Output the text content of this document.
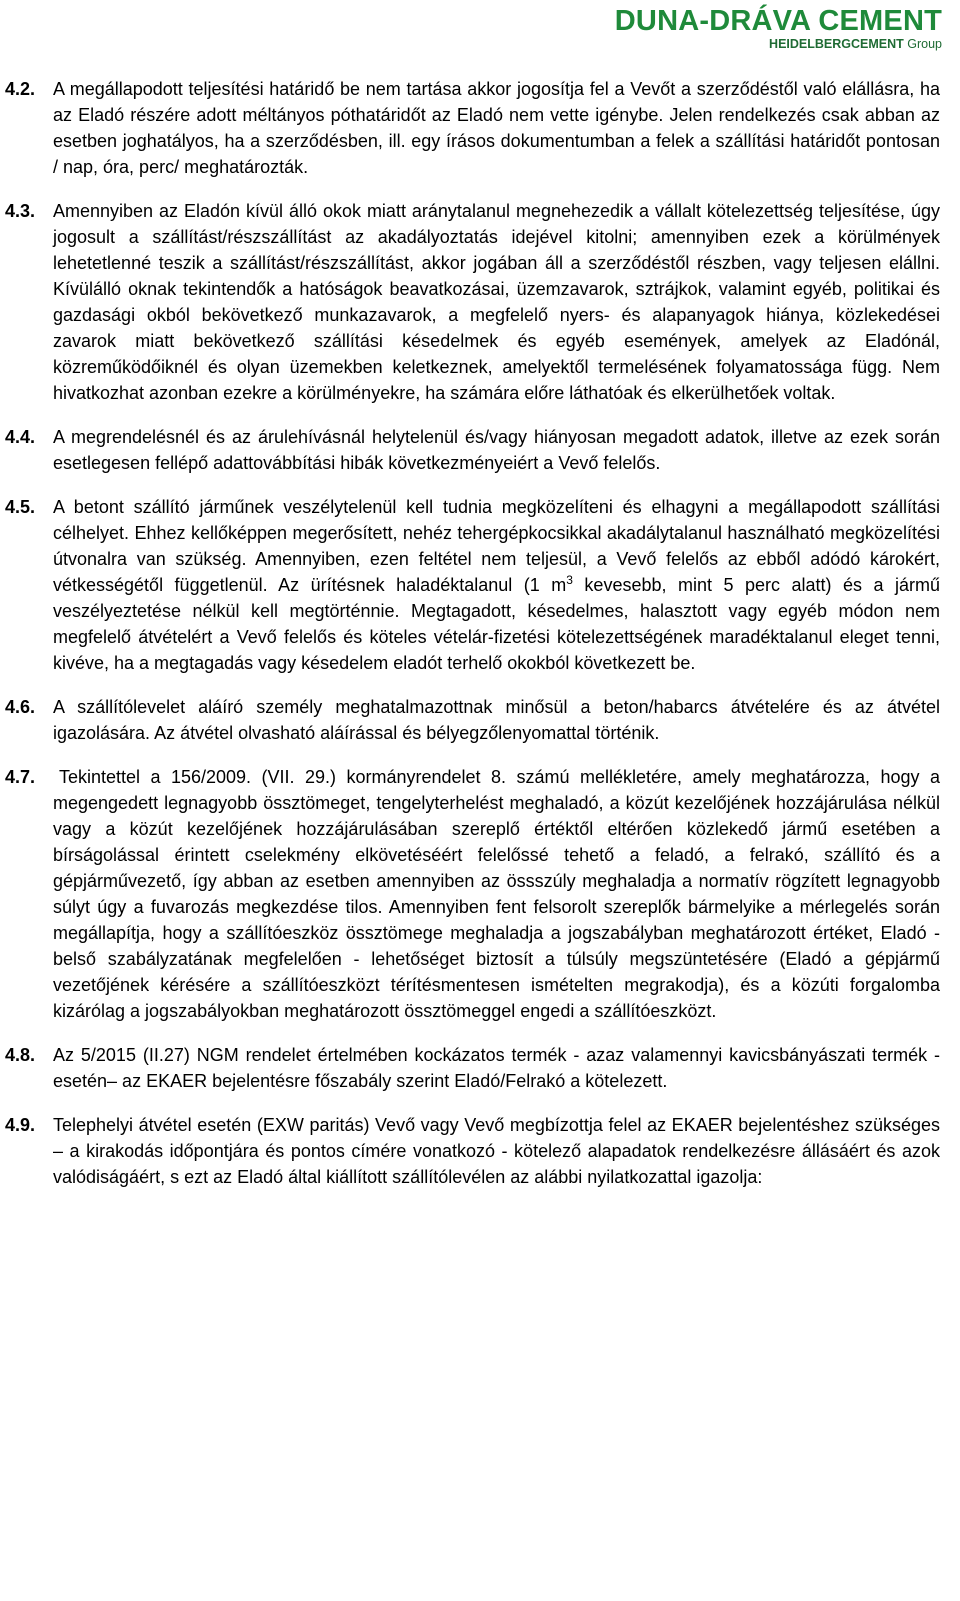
DUNA-DRÁVA CEMENT
HEIDELBERGCEMENT Group
4.2. A megállapodott teljesítési határidő be nem tartása akkor jogosítja fel a Vevőt a szerződéstől való elállásra, ha az Eladó részére adott méltányos póthatáridőt az Eladó nem vette igénybe. Jelen rendelkezés csak abban az esetben joghatályos, ha a szerződésben, ill. egy írásos dokumentumban a felek a szállítási határidőt pontosan / nap, óra, perc/ meghatározták.
4.3. Amennyiben az Eladón kívül álló okok miatt aránytalanul megnehezedik a vállalt kötelezettség teljesítése, úgy jogosult a szállítást/részszállítást az akadályoztatás idejével kitolni; amennyiben ezek a körülmények lehetetlenné teszik a szállítást/részszállítást, akkor jogában áll a szerződéstől részben, vagy teljesen elállni. Kívülálló oknak tekintendők a hatóságok beavatkozásai, üzemzavarok, sztrájkok, valamint egyéb, politikai és gazdasági okból bekövetkező munkazavarok, a megfelelő nyers- és alapanyagok hiánya, közlekedései zavarok miatt bekövetkező szállítási késedelmek és egyéb események, amelyek az Eladónál, közreműködőiknél és olyan üzemekben keletkeznek, amelyektől termelésének folyamatossága függ. Nem hivatkozhat azonban ezekre a körülményekre, ha számára előre láthatóak és elkerülhetőek voltak.
4.4. A megrendelésnél és az árulehívásnál helytelenül és/vagy hiányosan megadott adatok, illetve az ezek során esetlegesen fellépő adattovábbítási hibák következményeiért a Vevő felelős.
4.5. A betont szállító járműnek veszélytelenül kell tudnia megközelíteni és elhagyni a megállapodott szállítási célhelyet. Ehhez kellőképpen megerősített, nehéz tehergépkocsikkal akadálytalanul használható megközelítési útvonalra van szükség. Amennyiben, ezen feltétel nem teljesül, a Vevő felelős az ebből adódó károkért, vétkességétől függetlenül. Az ürítésnek haladéktalanul (1 $m^3$ kevesebb, mint 5 perc alatt) és a jármű veszélyeztetése nélkül kell megtörténnie. Megtagadott, késedelmes, halasztott vagy egyéb módon nem megfelelő átvételért a Vevő felelős és köteles vételár-fizetési kötelezettségének maradéktalanul eleget tenni, kivéve, ha a megtagadás vagy késedelem eladót terhelő okokból következett be.
4.6. A szállítólevelet aláíró személy meghatalmazottnak minősül a beton/habarcs átvételére és az átvétel igazolására. Az átvétel olvasható aláírással és bélyegzőlenyomattal történik.
4.7.	Tekintettel a 156/2009. (VII. 29.) kormányrendelet 8. számú mellékletére, amely meghatározza, hogy a megengedett legnagyobb össztömeget, tengelyterhelést meghaladó, a közút kezelőjének hozzájárulása nélkül vagy a közút kezelőjének hozzájárulásában szereplő értéktől eltérően közlekedő jármű esetében a bírságolással érintett cselekmény elkövetéséért felelőssé tehető a feladó, a felrakó, szállító és a gépjárművezető, így abban az esetben amennyiben az össszúly meghaladja a normatív rögzített legnagyobb súlyt úgy a fuvarozás megkezdése tilos. Amennyiben fent felsorolt szereplők bármelyike a mérlegelés során megállapítja, hogy a szállítóeszköz össztömege meghaladja a jogszabályban meghatározott értéket, Eladó - belső szabályzatának megfelelően - lehetőséget biztosít a túlsúly megszüntetésére (Eladó a gépjármű vezetőjének kérésére a szállítóeszközt térítésmentesen ismételten megrakodja), és a közúti forgalomba kizárólag a jogszabályokban meghatározott össztömeggel engedi a szállítóeszközt.
4.8. Az 5/2015 (II.27) NGM rendelet értelmében kockázatos termék - azaz valamennyi kavicsbányászati termék - esetén– az EKAER bejelentésre főszabály szerint Eladó/Felrakó a kötelezett.
4.9. Telephelyi átvétel esetén (EXW paritás) Vevő vagy Vevő megbízottja felel az EKAER bejelentéshez szükséges – a kirakodás időpontjára és pontos címére vonatkozó - kötelező alapadatok rendelkezésre állásáért és azok valódiságáért, s ezt az Eladó által kiállított szállítólevélen az alábbi nyilatkozattal igazolja:
